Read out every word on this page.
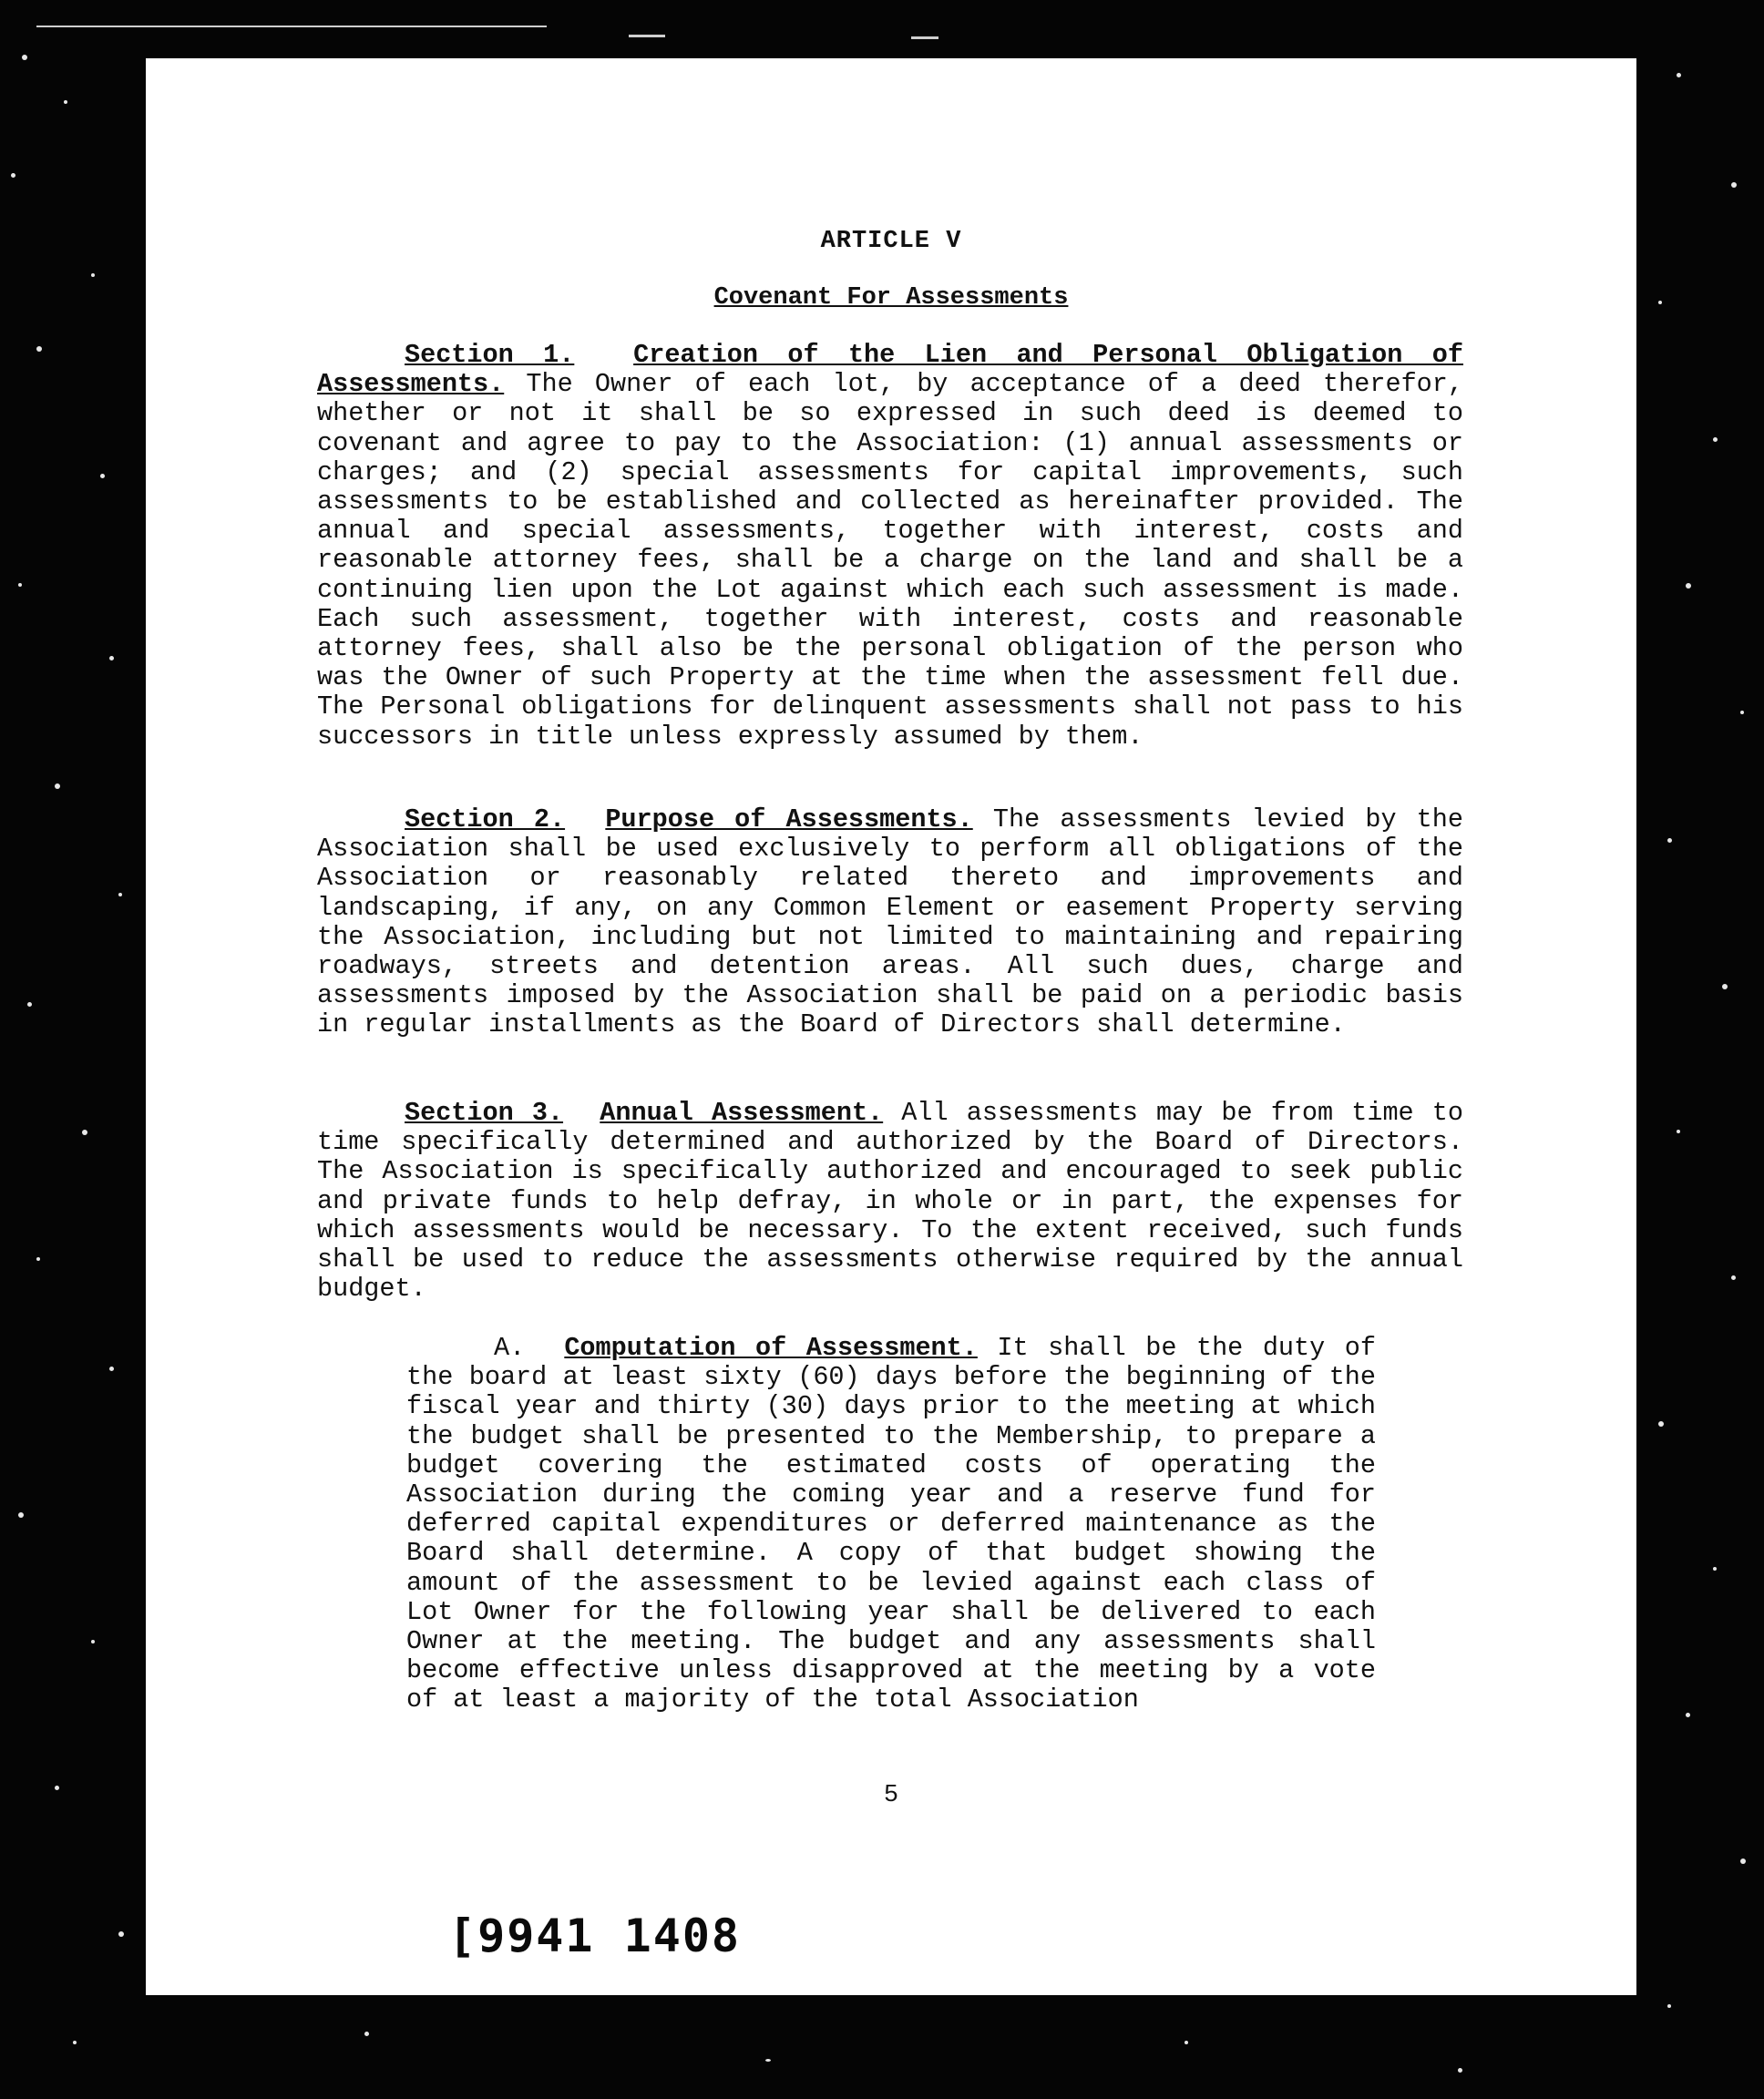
ARTICLE V
Covenant For Assessments

Section 1. Creation of the Lien and Personal Obligation of Assessments. The Owner of each lot, by acceptance of a deed therefor, whether or not it shall be so expressed in such deed is deemed to covenant and agree to pay to the Association: (1) annual assessments or charges; and (2) special assessments for capital improvements, such assessments to be established and collected as hereinafter provided. The annual and special assessments, together with interest, costs and reasonable attorney fees, shall be a charge on the land and shall be a continuing lien upon the Lot against which each such assessment is made. Each such assessment, together with interest, costs and reasonable attorney fees, shall also be the personal obligation of the person who was the Owner of such Property at the time when the assessment fell due. The Personal obligations for delinquent assessments shall not pass to his successors in title unless expressly assumed by them.

Section 2. Purpose of Assessments. The assessments levied by the Association shall be used exclusively to perform all obligations of the Association or reasonably related thereto and improvements and landscaping, if any, on any Common Element or easement Property serving the Association, including but not limited to maintaining and repairing roadways, streets and detention areas. All such dues, charge and assessments imposed by the Association shall be paid on a periodic basis in regular installments as the Board of Directors shall determine.

Section 3. Annual Assessment. All assessments may be from time to time specifically determined and authorized by the Board of Directors. The Association is specifically authorized and encouraged to seek public and private funds to help defray, in whole or in part, the expenses for which assessments would be necessary. To the extent received, such funds shall be used to reduce the assessments otherwise required by the annual budget.

A. Computation of Assessment. It shall be the duty of the board at least sixty (60) days before the beginning of the fiscal year and thirty (30) days prior to the meeting at which the budget shall be presented to the Membership, to prepare a budget covering the estimated costs of operating the Association during the coming year and a reserve fund for deferred capital expenditures or deferred maintenance as the Board shall determine. A copy of that budget showing the amount of the assessment to be levied against each class of Lot Owner for the following year shall be delivered to each Owner at the meeting. The budget and any assessments shall become effective unless disapproved at the meeting by a vote of at least a majority of the total Association

5
[9941 1408
